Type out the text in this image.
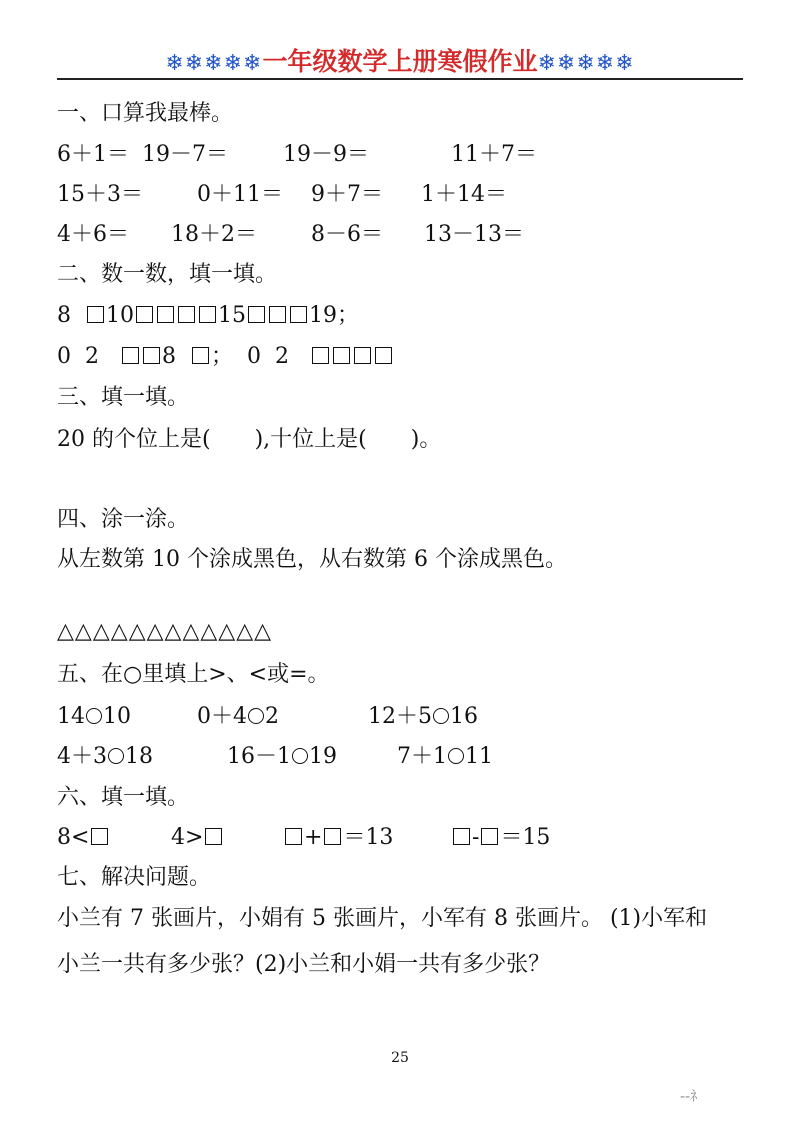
❄❄❄❄❄一年级数学上册寒假作业❄❄❄❄❄
一、口算我最棒。
6＋1＝ 19－7＝	19－9＝	11＋7＝
15＋3＝ 0＋11＝ 9＋7＝ 1＋14＝
4＋6＝ 18＋2＝ 8－6＝ 13－13＝
二、数一数，填一填。
8 10	15	19；
0 2	8 ； 0 2
三、填一填。
20 的个位上是( ),十位上是( )。
四、涂一涂。
从左数第 10 个涂成黑色，从右数第 6 个涂成黑色。
△△△△△△△△△△△△
五、在○里填上>、<或=。
14 10	0＋4 2	12＋5 16
4＋3 18	16－1 19	7＋1 11
六、填一填。
8<	4>	+ ＝13	- ＝15
七、解决问题。
小兰有 7 张画片，小娟有 5 张画片，小军有 8 张画片。 (1)小军和
小兰一共有多少张？(2)小兰和小娟一共有多少张？
25
--ﾈ
